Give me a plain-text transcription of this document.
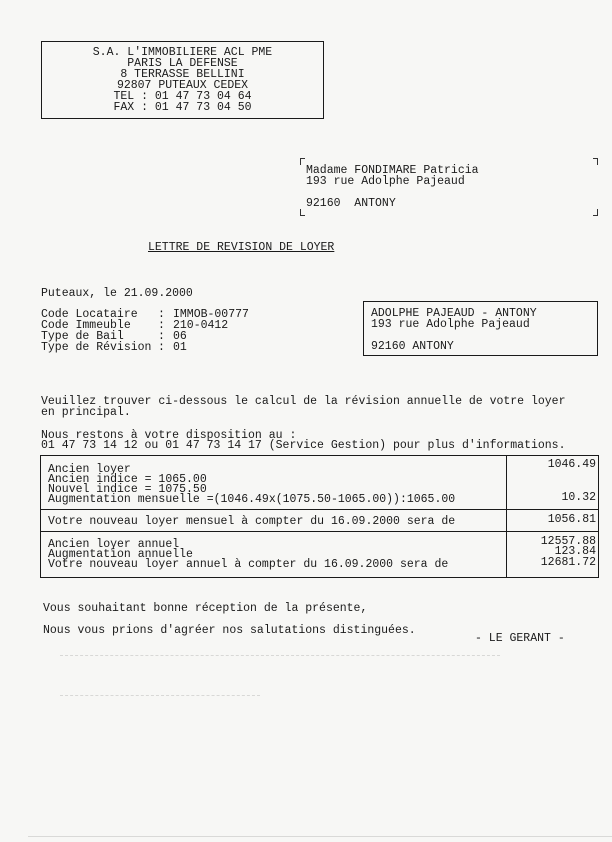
S.A. L'IMMOBILIERE ACL PME
PARIS LA DEFENSE
8 TERRASSE BELLINI
92807 PUTEAUX CEDEX
TEL : 01 47 73 04 64
FAX : 01 47 73 04 50
Madame FONDIMARE Patricia
193 rue Adolphe Pajeaud
92160  ANTONY
LETTRE DE REVISION DE LOYER
Puteaux, le 21.09.2000
Code Locataire : IMMOB-00777
Code Immeuble : 210-0412
Type de Bail	: 06
Type de Révision : 01
ADOLPHE PAJEAUD - ANTONY
193 rue Adolphe Pajeaud
92160 ANTONY
Veuillez trouver ci-dessous le calcul de la révision annuelle de votre loyer
en principal.
Nous restons à votre disposition au :
01 47 73 14 12 ou 01 47 73 14 17 (Service Gestion) pour plus d'informations.
Ancien loyer
Ancien indice = 1065.00
Nouvel indice = 1075.50
Augmentation mensuelle =(1046.49x(1075.50-1065.00)):1065.00
1046.49
10.32
Votre nouveau loyer mensuel à compter du 16.09.2000 sera de	1056.81
Ancien loyer annuel
Augmentation annuelle
Votre nouveau loyer annuel à compter du 16.09.2000 sera de
12557.88
123.84
12681.72
Vous souhaitant bonne réception de la présente,
Nous vous prions d'agréer nos salutations distinguées.
- LE GERANT -
